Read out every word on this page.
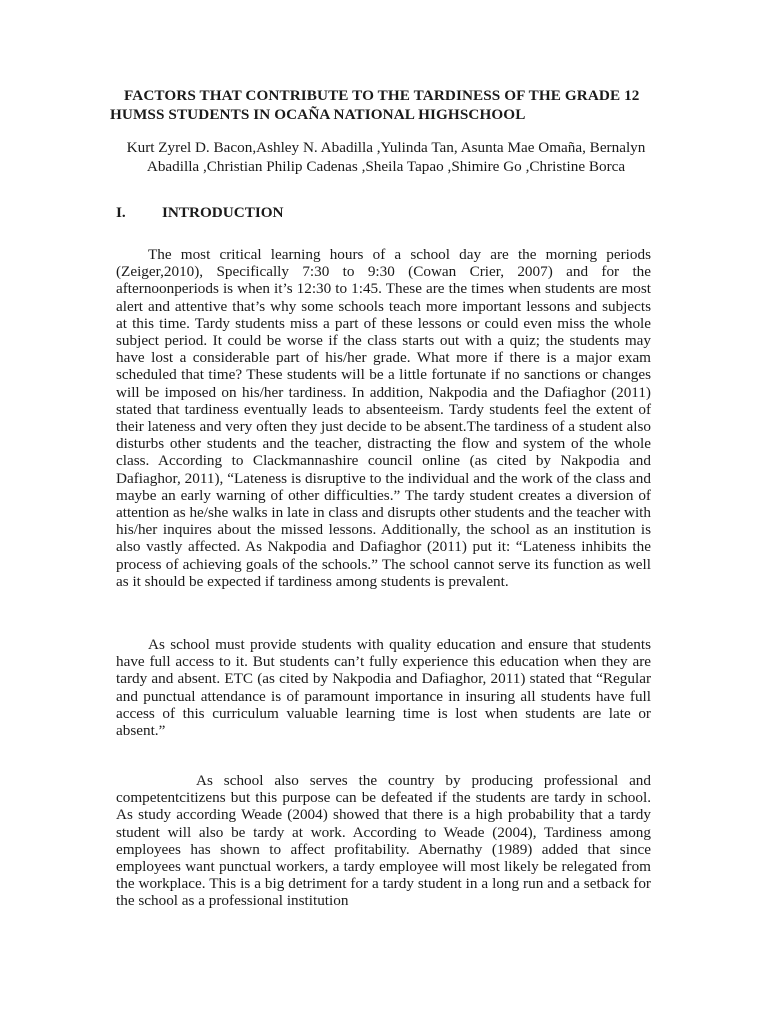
FACTORS THAT CONTRIBUTE TO THE TARDINESS OF THE GRADE 12
HUMSS STUDENTS IN OCAÑA NATIONAL HIGHSCHOOL
Kurt Zyrel D. Bacon,Ashley N. Abadilla ,Yulinda Tan, Asunta Mae Omaña, Bernalyn
Abadilla ,Christian Philip Cadenas ,Sheila Tapao ,Shimire Go ,Christine Borca
I. INTRODUCTION

The most critical learning hours of a school day are the morning periods (Zeiger,2010), Specifically 7:30 to 9:30 (Cowan Crier, 2007) and for the afternoonperiods is when it’s 12:30 to 1:45. These are the times when students are most alert and attentive that’s why some schools teach more important lessons and subjects at this time. Tardy students miss a part of these lessons or could even miss the whole subject period. It could be worse if the class starts out with a quiz; the students may have lost a considerable part of his/her grade. What more if there is a major exam scheduled that time? These students will be a little fortunate if no sanctions or changes will be imposed on his/her tardiness. In addition, Nakpodia and the Dafiaghor (2011) stated that tardiness eventually leads to absenteeism. Tardy students feel the extent of their lateness and very often they just decide to be absent.The tardiness of a student also disturbs other students and the teacher, distracting the flow and system of the whole class. According to Clackmannashire council online (as cited by Nakpodia and Dafiaghor, 2011), “Lateness is disruptive to the individual and the work of the class and maybe an early warning of other difficulties.” The tardy student creates a diversion of attention as he/she walks in late in class and disrupts other students and the teacher with his/her inquires about the missed lessons. Additionally, the school as an institution is also vastly affected. As Nakpodia and Dafiaghor (2011) put it: “Lateness inhibits the process of achieving goals of the schools.” The school cannot serve its function as well as it should be expected if tardiness among students is prevalent.

As school must provide students with quality education and ensure that students have full access to it. But students can’t fully experience this education when they are tardy and absent. ETC (as cited by Nakpodia and Dafiaghor, 2011) stated that “Regular and punctual attendance is of paramount importance in insuring all students have full access of this curriculum valuable learning time is lost when students are late or absent.”

As school also serves the country by producing professional and competentcitizens but this purpose can be defeated if the students are tardy in school. As study according Weade (2004) showed that there is a high probability that a tardy student will also be tardy at work. According to Weade (2004), Tardiness among employees has shown to affect profitability. Abernathy (1989) added that since employees want punctual workers, a tardy employee will most likely be relegated from the workplace. This is a big detriment for a tardy student in a long run and a setback for the school as a professional institution
